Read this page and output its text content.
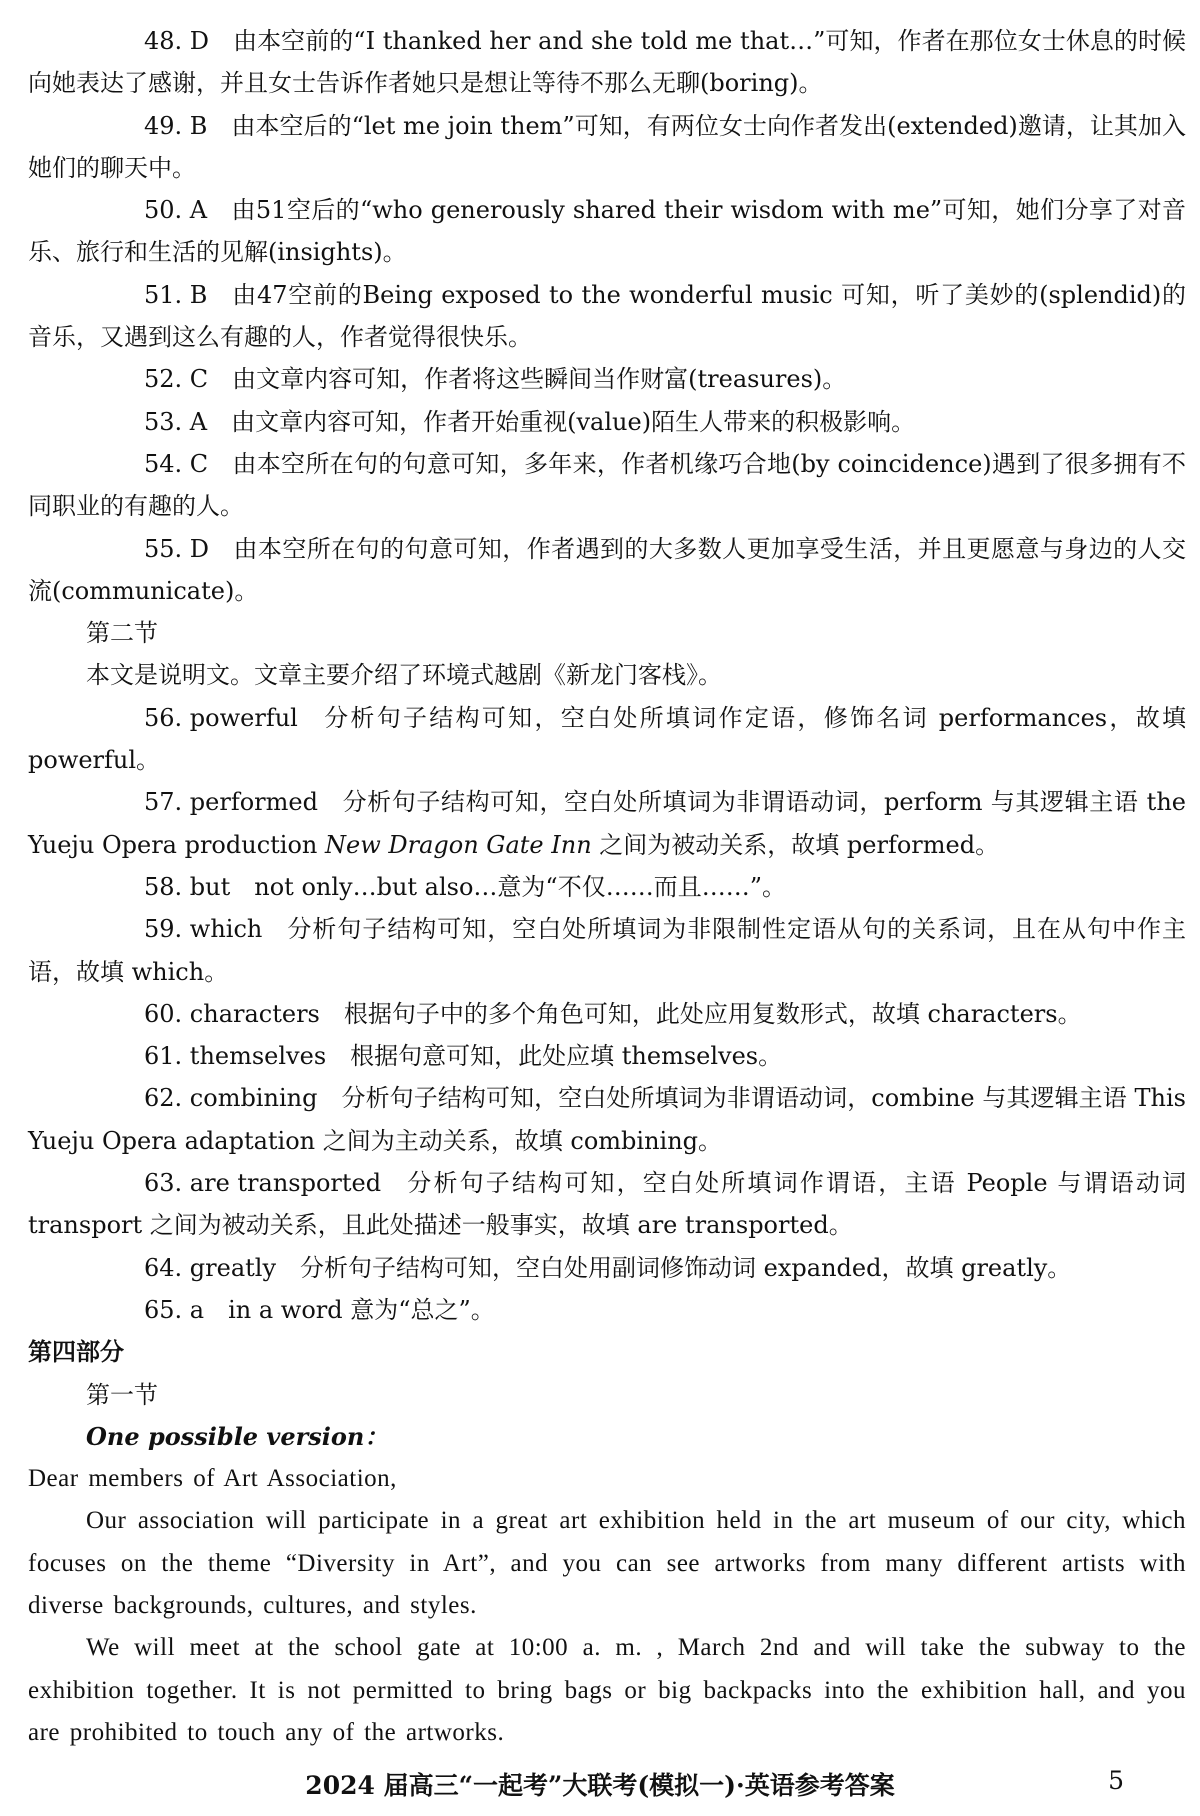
48. D 由本空前的“I thanked her and she told me that…”可知，作者在那位女士休息的时候向她表达了感谢，并且女士告诉作者她只是想让等待不那么无聊(boring)。

49. B 由本空后的“let me join them”可知，有两位女士向作者发出(extended)邀请，让其加入她们的聊天中。

50. A 由51空后的“who generously shared their wisdom with me”可知，她们分享了对音乐、旅行和生活的见解(insights)。

51. B 由47空前的Being exposed to the wonderful music 可知，听了美妙的(splendid)的音乐，又遇到这么有趣的人，作者觉得很快乐。

52. C 由文章内容可知，作者将这些瞬间当作财富(treasures)。

53. A 由文章内容可知，作者开始重视(value)陌生人带来的积极影响。

54. C 由本空所在句的句意可知，多年来，作者机缘巧合地(by coincidence)遇到了很多拥有不同职业的有趣的人。

55. D 由本空所在句的句意可知，作者遇到的大多数人更加享受生活，并且更愿意与身边的人交流(communicate)。

第二节

本文是说明文。文章主要介绍了环境式越剧《新龙门客栈》。

56. powerful 分析句子结构可知，空白处所填词作定语，修饰名词 performances，故填 powerful。

57. performed 分析句子结构可知，空白处所填词为非谓语动词，perform 与其逻辑主语 the Yueju Opera production New Dragon Gate Inn 之间为被动关系，故填 performed。

58. but not only…but also…意为“不仅……而且……”。

59. which 分析句子结构可知，空白处所填词为非限制性定语从句的关系词，且在从句中作主语，故填 which。

60. characters 根据句子中的多个角色可知，此处应用复数形式，故填 characters。

61. themselves 根据句意可知，此处应填 themselves。

62. combining 分析句子结构可知，空白处所填词为非谓语动词，combine 与其逻辑主语 This Yueju Opera adaptation 之间为主动关系，故填 combining。

63. are transported 分析句子结构可知，空白处所填词作谓语，主语 People 与谓语动词 transport 之间为被动关系，且此处描述一般事实，故填 are transported。

64. greatly 分析句子结构可知，空白处用副词修饰动词 expanded，故填 greatly。

65. a in a word 意为“总之”。

第四部分

第一节

One possible version：

Dear members of Art Association,

Our association will participate in a great art exhibition held in the art museum of our city, which focuses on the theme “Diversity in Art”, and you can see artworks from many different artists with diverse backgrounds, cultures, and styles.

We will meet at the school gate at 10:00 a. m. , March 2nd and will take the subway to the exhibition together. It is not permitted to bring bags or big backpacks into the exhibition hall, and you are prohibited to touch any of the artworks.

2024 届高三“一起考”大联考(模拟一)·英语参考答案	5
